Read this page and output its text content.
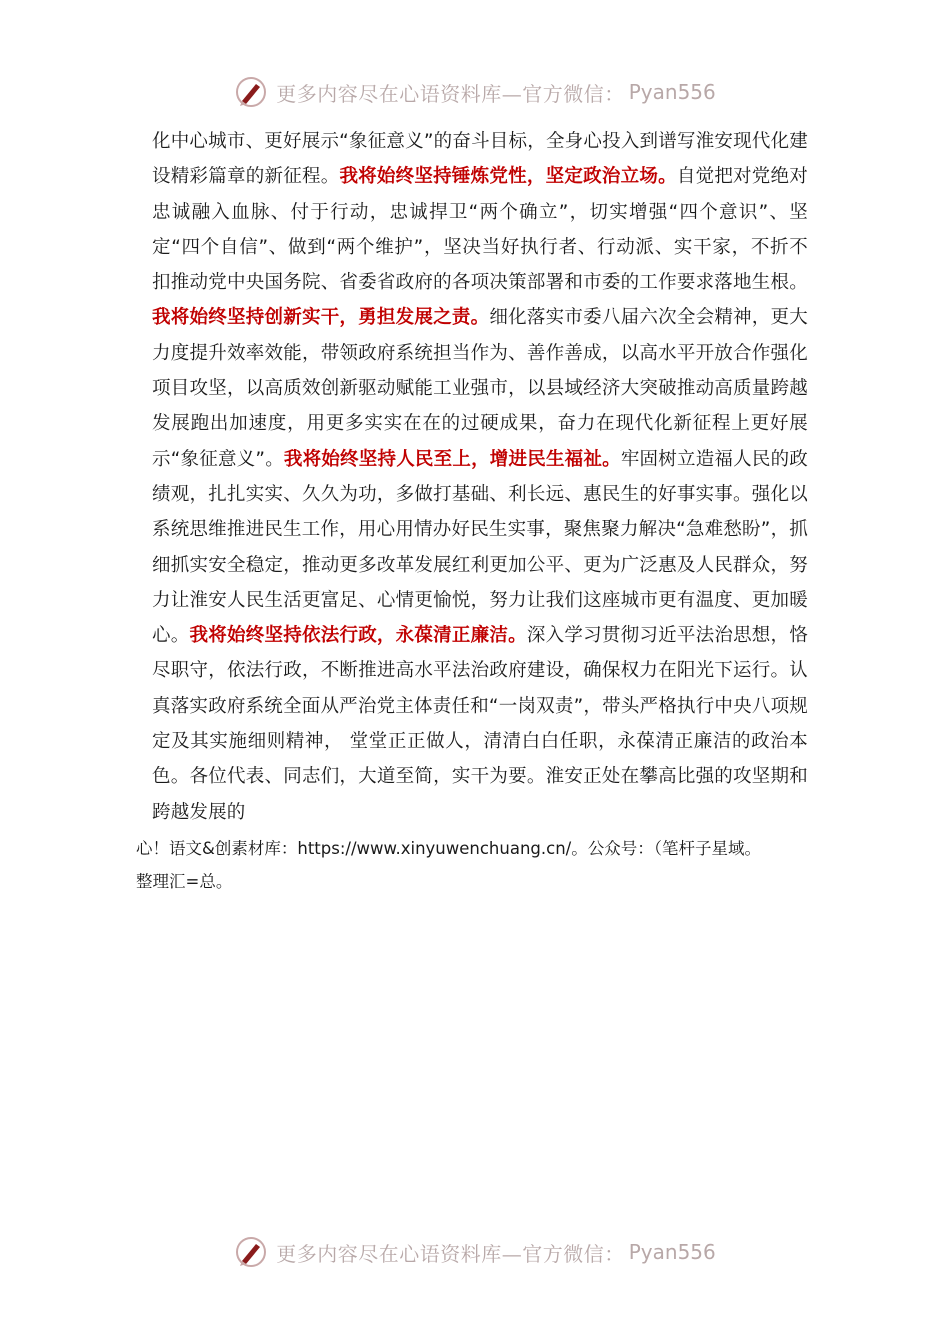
更多内容尽在心语资料库—官方微信： Pyan556

化中心城市、更好展示“象征意义”的奋斗目标，全身心投入到谱写淮安现代化建设精彩篇章的新征程。我将始终坚持锤炼党性，坚定政治立场。自觉把对党绝对忠诚融入血脉、付于行动，忠诚捍卫“两个确立”，切实增强“四个意识”、坚定“四个自信”、做到“两个维护”，坚决当好执行者、行动派、实干家，不折不扣推动党中央国务院、省委省政府的各项决策部署和市委的工作要求落地生根。我将始终坚持创新实干，勇担发展之责。细化落实市委八届六次全会精神，更大力度提升效率效能，带领政府系统担当作为、善作善成，以高水平开放合作强化项目攻坚，以高质效创新驱动赋能工业强市，以县域经济大突破推动高质量跨越发展跑出加速度，用更多实实在在的过硬成果，奋力在现代化新征程上更好展示“象征意义”。我将始终坚持人民至上，增进民生福祉。牢固树立造福人民的政绩观，扎扎实实、久久为功，多做打基础、利长远、惠民生的好事实事。强化以系统思维推进民生工作，用心用情办好民生实事，聚焦聚力解决“急难愁盼”，抓细抓实安全稳定，推动更多改革发展红利更加公平、更为广泛惠及人民群众，努力让淮安人民生活更富足、心情更愉悦，努力让我们这座城市更有温度、更加暖心。我将始终坚持依法行政，永葆清正廉洁。深入学习贯彻习近平法治思想，恪尽职守，依法行政，不断推进高水平法治政府建设，确保权力在阳光下运行。认真落实政府系统全面从严治党主体责任和“一岗双责”，带头严格执行中央八项规定及其实施细则精神， 堂堂正正做人，清清白白任职，永葆清正廉洁的政治本色。各位代表、同志们，大道至简，实干为要。淮安正处在攀高比强的攻坚期和跨越发展的

心！语文&创素材库：https://www.xinyuwenchuang.cn/。公众号：（笔杆子星域。

整理汇=总。

更多内容尽在心语资料库—官方微信： Pyan556
